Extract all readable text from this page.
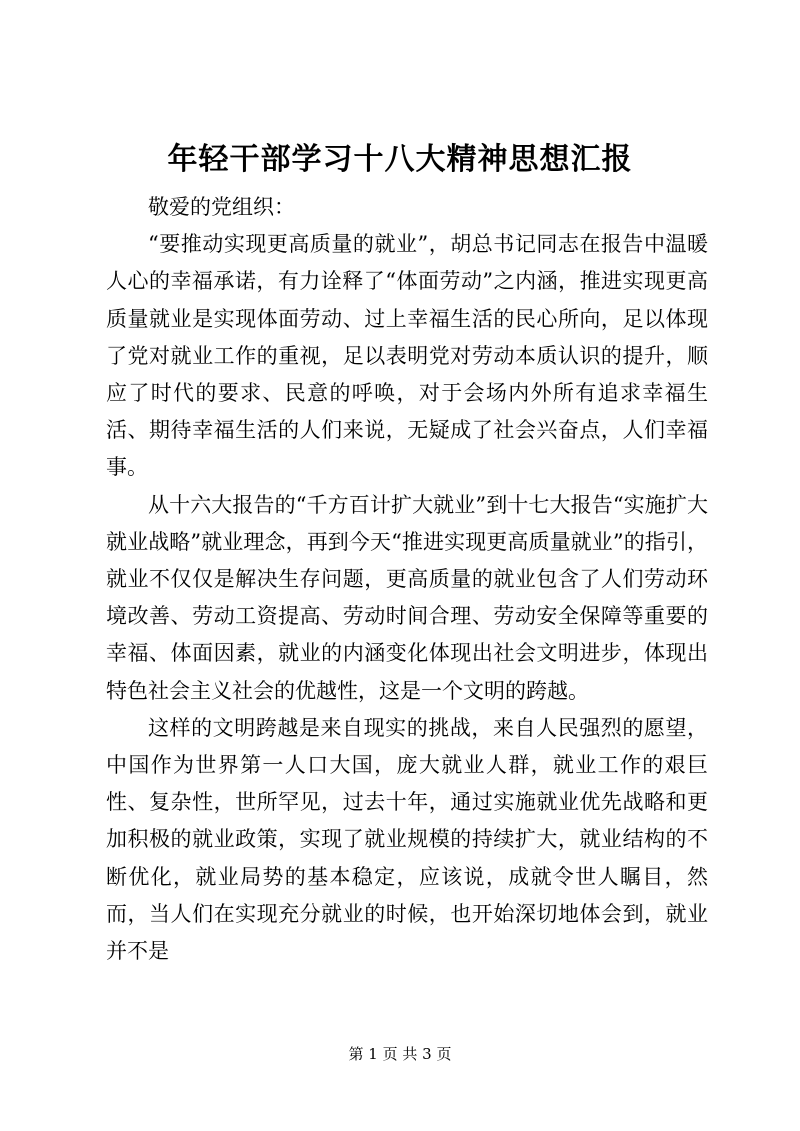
年轻干部学习十八大精神思想汇报

敬爱的党组织：

“要推动实现更高质量的就业”，胡总书记同志在报告中温暖人心的幸福承诺，有力诠释了“体面劳动”之内涵，推进实现更高质量就业是实现体面劳动、过上幸福生活的民心所向，足以体现了党对就业工作的重视，足以表明党对劳动本质认识的提升，顺应了时代的要求、民意的呼唤，对于会场内外所有追求幸福生活、期待幸福生活的人们来说，无疑成了社会兴奋点，人们幸福事。

从十六大报告的“千方百计扩大就业”到十七大报告“实施扩大就业战略”就业理念，再到今天“推进实现更高质量就业”的指引，就业不仅仅是解决生存问题，更高质量的就业包含了人们劳动环境改善、劳动工资提高、劳动时间合理、劳动安全保障等重要的幸福、体面因素，就业的内涵变化体现出社会文明进步，体现出特色社会主义社会的优越性，这是一个文明的跨越。

这样的文明跨越是来自现实的挑战，来自人民强烈的愿望，中国作为世界第一人口大国，庞大就业人群，就业工作的艰巨性、复杂性，世所罕见，过去十年，通过实施就业优先战略和更加积极的就业政策，实现了就业规模的持续扩大，就业结构的不断优化，就业局势的基本稳定，应该说，成就令世人瞩目，然而，当人们在实现充分就业的时候，也开始深切地体会到，就业并不是

第 1 页 共 3 页
